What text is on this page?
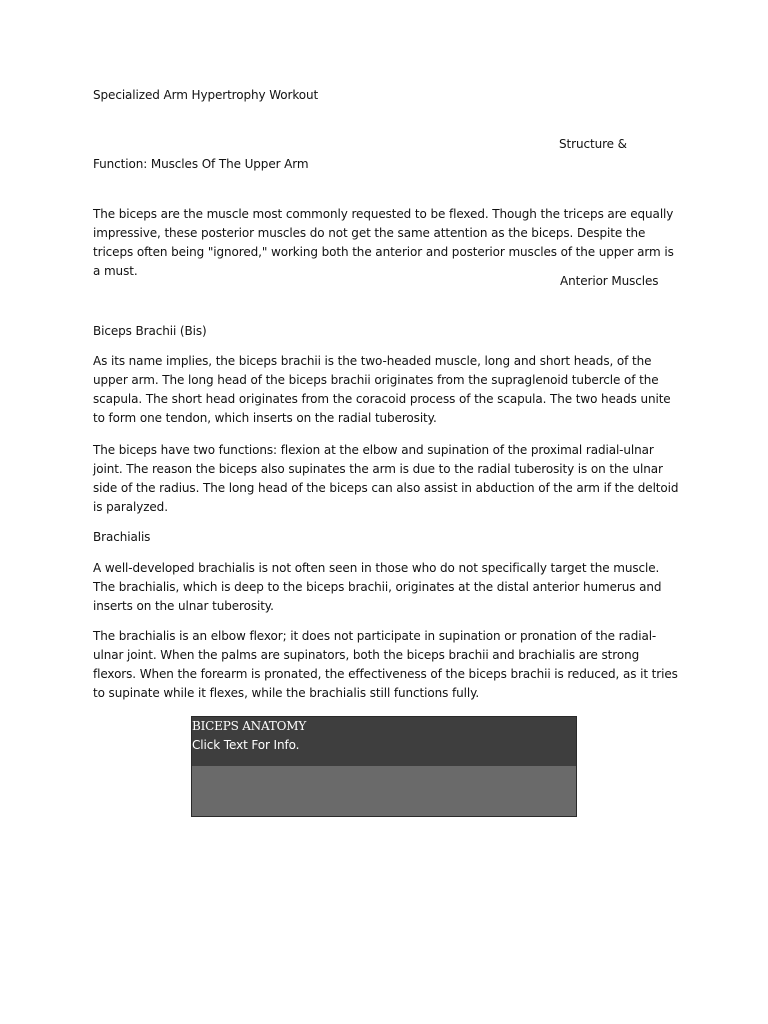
Specialized Arm Hypertrophy Workout
Structure &
Function: Muscles Of The Upper Arm
The biceps are the muscle most commonly requested to be flexed. Though the triceps are equally impressive, these posterior muscles do not get the same attention as the biceps. Despite the triceps often being "ignored," working both the anterior and posterior muscles of the upper arm is a must.
Anterior Muscles
Biceps Brachii (Bis)
As its name implies, the biceps brachii is the two-headed muscle, long and short heads, of the upper arm. The long head of the biceps brachii originates from the supraglenoid tubercle of the scapula. The short head originates from the coracoid process of the scapula. The two heads unite to form one tendon, which inserts on the radial tuberosity.
The biceps have two functions: flexion at the elbow and supination of the proximal radial-ulnar joint. The reason the biceps also supinates the arm is due to the radial tuberosity is on the ulnar side of the radius. The long head of the biceps can also assist in abduction of the arm if the deltoid is paralyzed.
Brachialis
A well-developed brachialis is not often seen in those who do not specifically target the muscle. The brachialis, which is deep to the biceps brachii, originates at the distal anterior humerus and inserts on the ulnar tuberosity.
The brachialis is an elbow flexor; it does not participate in supination or pronation of the radial-ulnar joint. When the palms are supinators, both the biceps brachii and brachialis are strong flexors. When the forearm is pronated, the effectiveness of the biceps brachii is reduced, as it tries to supinate while it flexes, while the brachialis still functions fully.
BICEPS ANATOMY
Click Text For Info.
